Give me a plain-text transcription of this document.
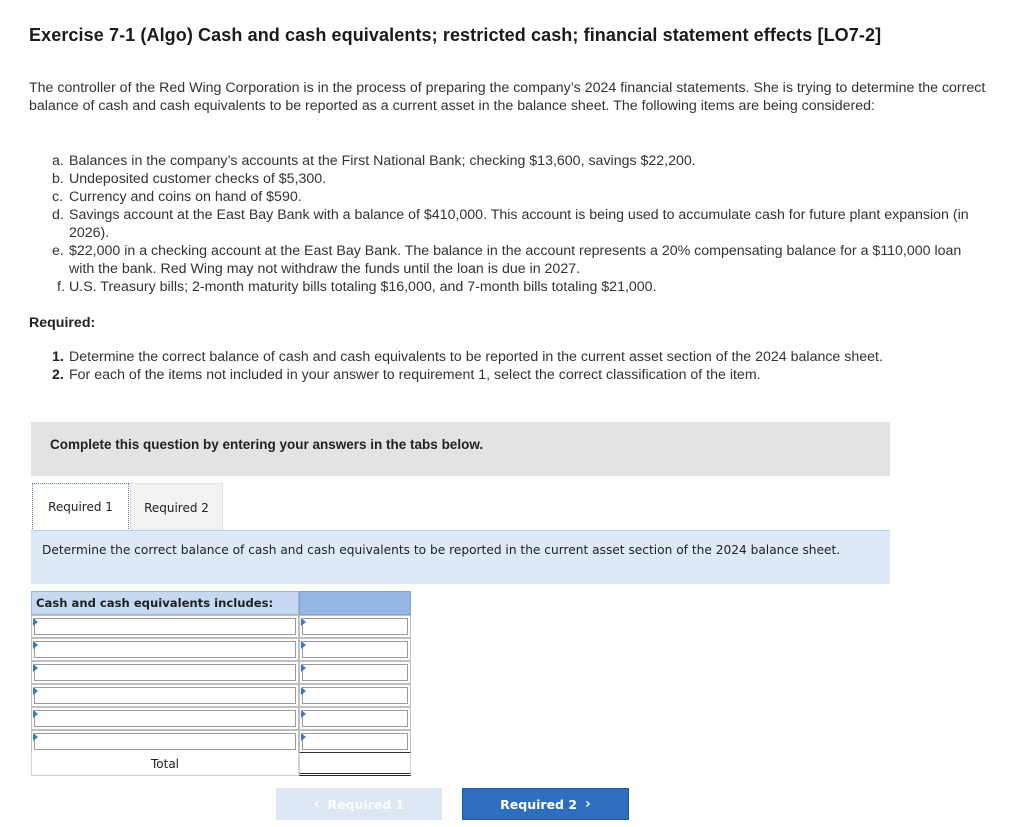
Exercise 7-1 (Algo) Cash and cash equivalents; restricted cash; financial statement effects [LO7-2]
The controller of the Red Wing Corporation is in the process of preparing the company’s 2024 financial statements. She is trying to determine the correct balance of cash and cash equivalents to be reported as a current asset in the balance sheet. The following items are being considered:
a. Balances in the company’s accounts at the First National Bank; checking $13,600, savings $22,200.
b. Undeposited customer checks of $5,300.
c. Currency and coins on hand of $590.
d. Savings account at the East Bay Bank with a balance of $410,000. This account is being used to accumulate cash for future plant expansion (in 2026).
e. $22,000 in a checking account at the East Bay Bank. The balance in the account represents a 20% compensating balance for a $110,000 loan with the bank. Red Wing may not withdraw the funds until the loan is due in 2027.
f. U.S. Treasury bills; 2-month maturity bills totaling $16,000, and 7-month bills totaling $21,000.
Required:
1. Determine the correct balance of cash and cash equivalents to be reported in the current asset section of the 2024 balance sheet.
2. For each of the items not included in your answer to requirement 1, select the correct classification of the item.
Complete this question by entering your answers in the tabs below.
Required 1	Required 2
Determine the correct balance of cash and cash equivalents to be reported in the current asset section of the 2024 balance sheet.
Cash and cash equivalents includes:
Total
‹ Required 1	Required 2 ›
